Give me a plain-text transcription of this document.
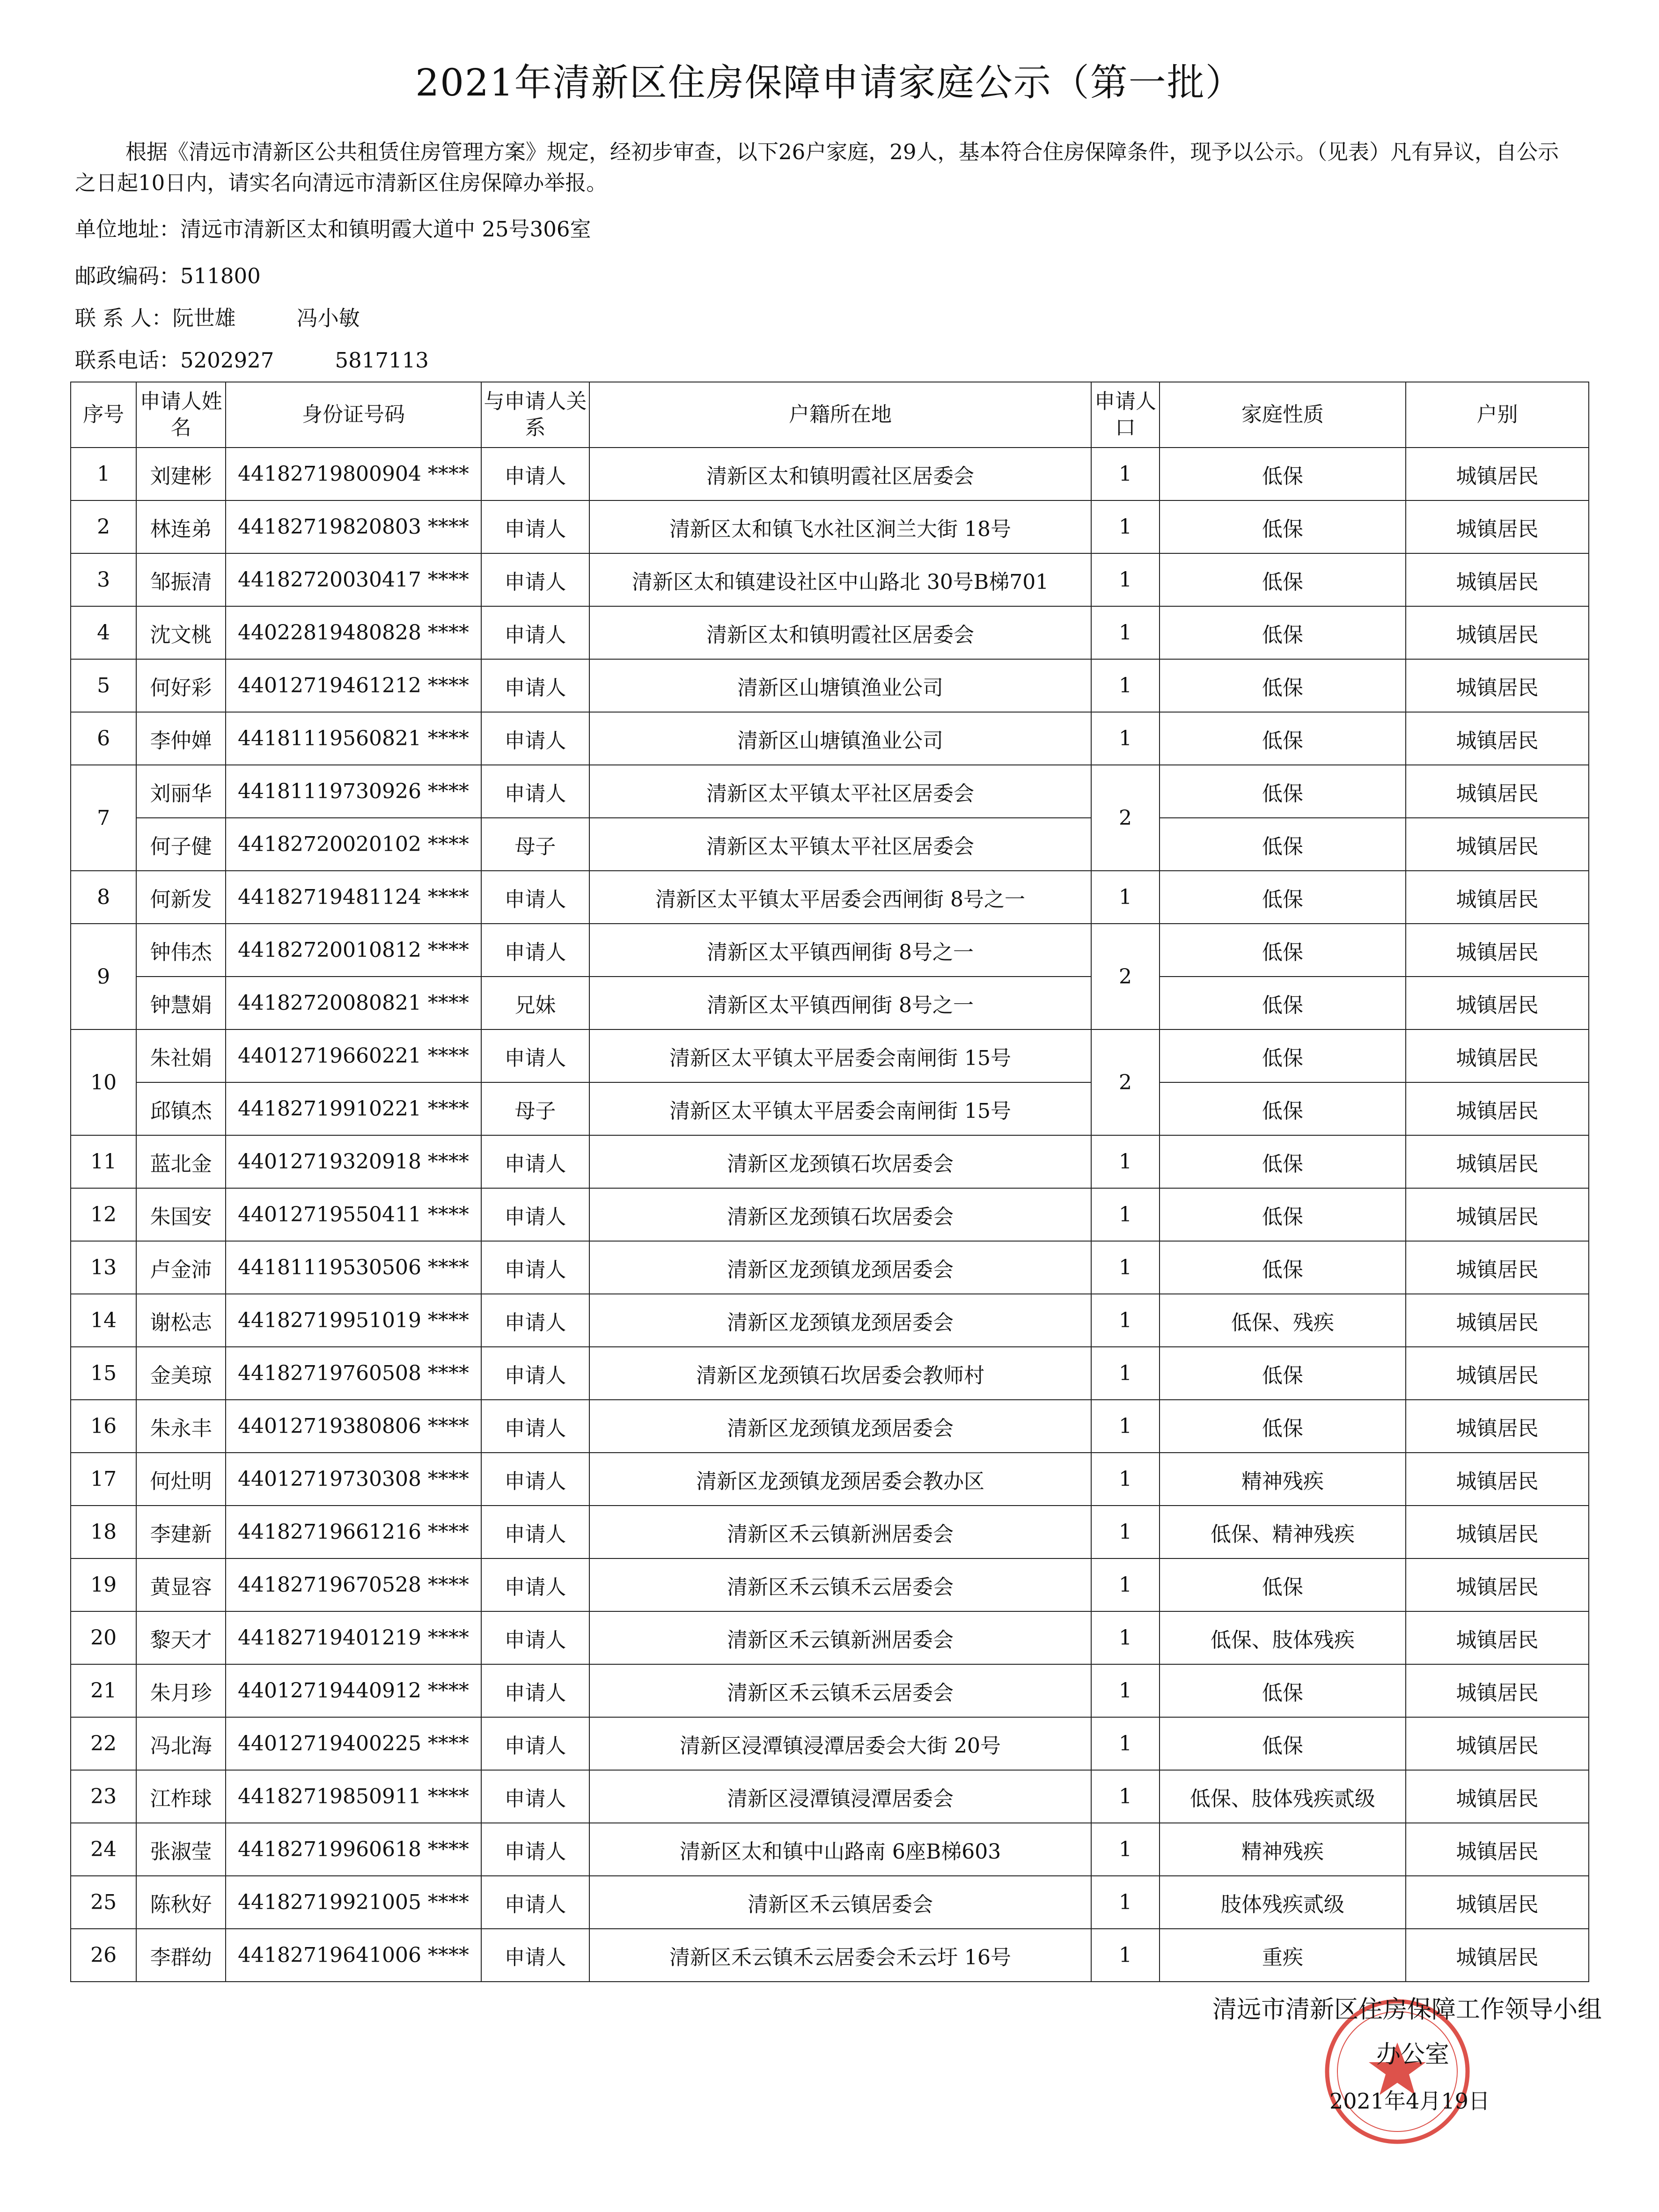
2021年清新区住房保障申请家庭公示（第一批）
根据《清远市清新区公共租赁住房管理方案》规定，经初步审查，以下26户家庭，29人，基本符合住房保障条件，现予以公示。（见表）凡有异议，自公示之日起10日内，请实名向清远市清新区住房保障办举报。
单位地址：清远市清新区太和镇明霞大道中 25号306室
邮政编码：511800
联 系 人：阮世雄	冯小敏
联系电话：5202927	5817113
序号	申请人姓名	身份证号码	与申请人关系	户籍所在地	申请人口	家庭性质	户别
1	刘建彬	44182719800904 ****	申请人	清新区太和镇明霞社区居委会	1	低保	城镇居民
2	林连弟	44182719820803 ****	申请人	清新区太和镇飞水社区涧兰大街 18号	1	低保	城镇居民
3	邹振清	44182720030417 ****	申请人	清新区太和镇建设社区中山路北 30号B梯701	1	低保	城镇居民
4	沈文桃	44022819480828 ****	申请人	清新区太和镇明霞社区居委会	1	低保	城镇居民
5	何好彩	44012719461212 ****	申请人	清新区山塘镇渔业公司	1	低保	城镇居民
6	李仲婵	44181119560821 ****	申请人	清新区山塘镇渔业公司	1	低保	城镇居民
7	刘丽华	44181119730926 ****	申请人	清新区太平镇太平社区居委会	2	低保	城镇居民
	何子健	44182720020102 ****	母子	清新区太平镇太平社区居委会		低保	城镇居民
8	何新发	44182719481124 ****	申请人	清新区太平镇太平居委会西闸街 8号之一	1	低保	城镇居民
9	钟伟杰	44182720010812 ****	申请人	清新区太平镇西闸街 8号之一	2	低保	城镇居民
	钟慧娟	44182720080821 ****	兄妹	清新区太平镇西闸街 8号之一		低保	城镇居民
10	朱社娟	44012719660221 ****	申请人	清新区太平镇太平居委会南闸街 15号	2	低保	城镇居民
	邱镇杰	44182719910221 ****	母子	清新区太平镇太平居委会南闸街 15号		低保	城镇居民
11	蓝北金	44012719320918 ****	申请人	清新区龙颈镇石坎居委会	1	低保	城镇居民
12	朱国安	44012719550411 ****	申请人	清新区龙颈镇石坎居委会	1	低保	城镇居民
13	卢金沛	44181119530506 ****	申请人	清新区龙颈镇龙颈居委会	1	低保	城镇居民
14	谢松志	44182719951019 ****	申请人	清新区龙颈镇龙颈居委会	1	低保、残疾	城镇居民
15	金美琼	44182719760508 ****	申请人	清新区龙颈镇石坎居委会教师村	1	低保	城镇居民
16	朱永丰	44012719380806 ****	申请人	清新区龙颈镇龙颈居委会	1	低保	城镇居民
17	何灶明	44012719730308 ****	申请人	清新区龙颈镇龙颈居委会教办区	1	精神残疾	城镇居民
18	李建新	44182719661216 ****	申请人	清新区禾云镇新洲居委会	1	低保、精神残疾	城镇居民
19	黄显容	44182719670528 ****	申请人	清新区禾云镇禾云居委会	1	低保	城镇居民
20	黎天才	44182719401219 ****	申请人	清新区禾云镇新洲居委会	1	低保、肢体残疾	城镇居民
21	朱月珍	44012719440912 ****	申请人	清新区禾云镇禾云居委会	1	低保	城镇居民
22	冯北海	44012719400225 ****	申请人	清新区浸潭镇浸潭居委会大街 20号	1	低保	城镇居民
23	江柞球	44182719850911 ****	申请人	清新区浸潭镇浸潭居委会	1	低保、肢体残疾贰级	城镇居民
24	张淑莹	44182719960618 ****	申请人	清新区太和镇中山路南 6座B梯603	1	精神残疾	城镇居民
25	陈秋好	44182719921005 ****	申请人	清新区禾云镇居委会	1	肢体残疾贰级	城镇居民
26	李群幼	44182719641006 ****	申请人	清新区禾云镇禾云居委会禾云圩 16号	1	重疾	城镇居民
清远市清新区住房保障工作领导小组
办公室
2021年4月19日
